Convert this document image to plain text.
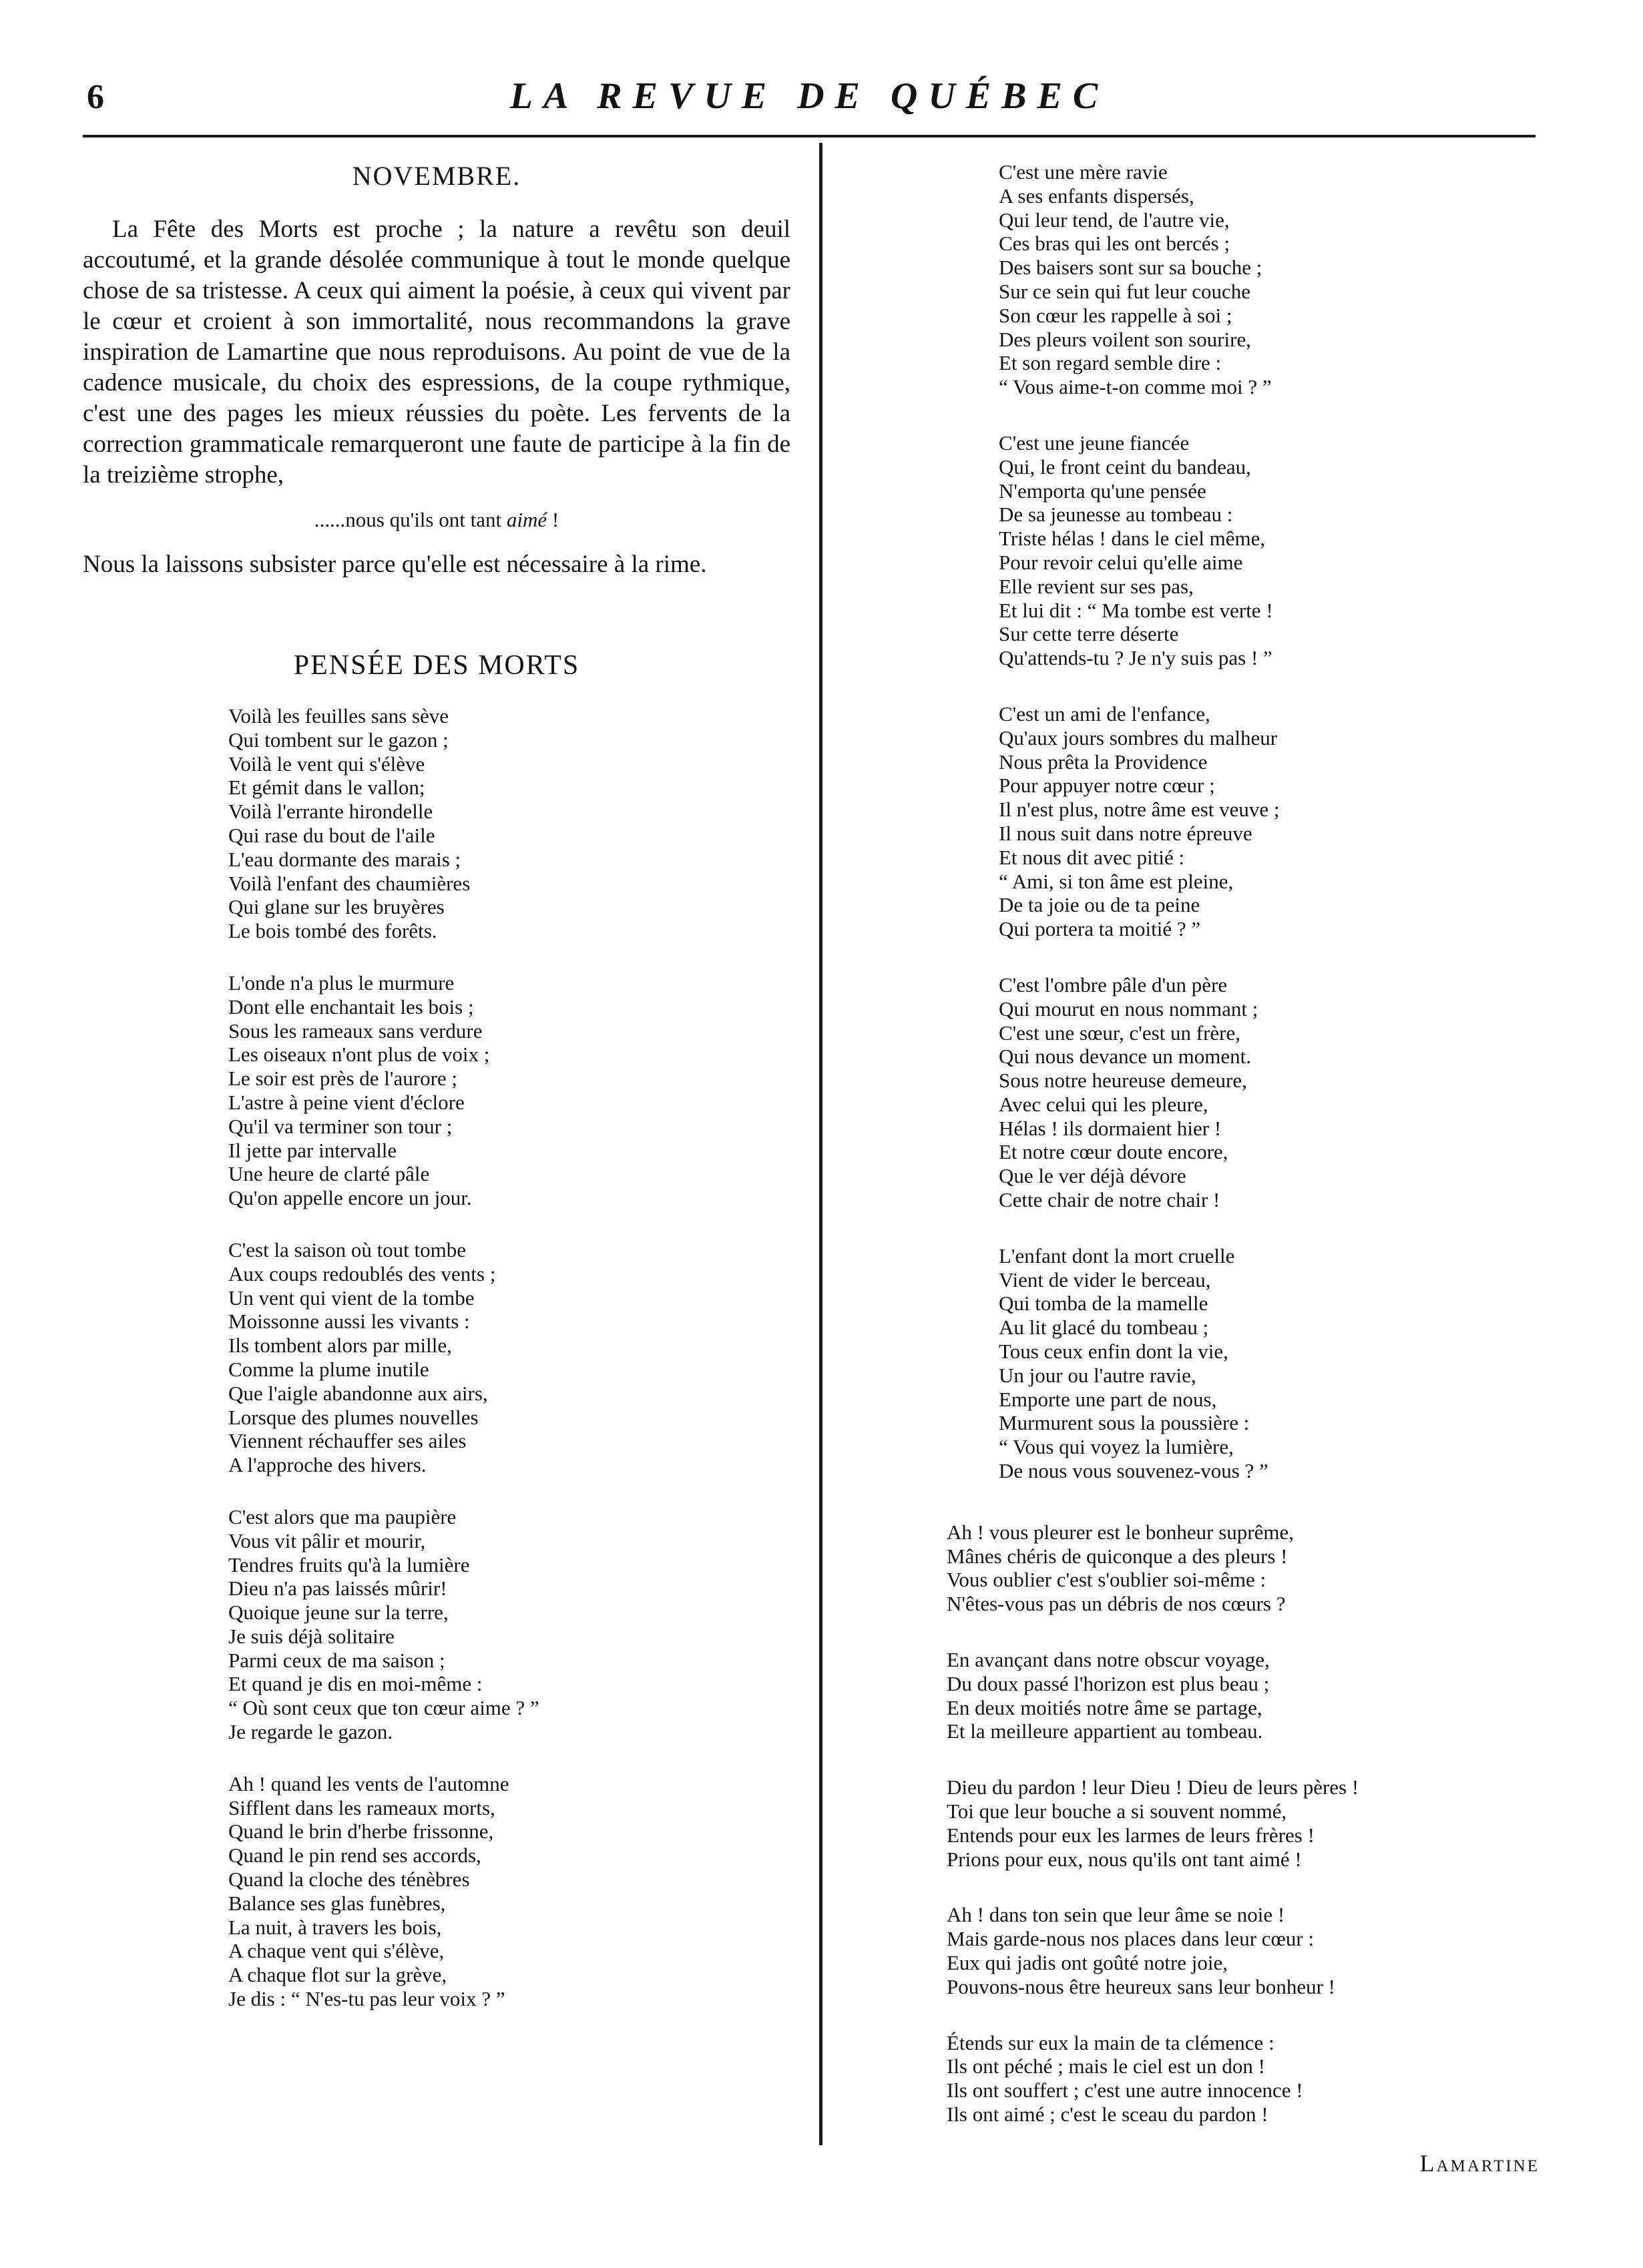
6	LA REVUE DE QUÉBEC
NOVEMBRE.
La Fête des Morts est proche ; la nature a revêtu son deuil accoutumé, et la grande désolée communique à tout le monde quelque chose de sa tristesse. A ceux qui aiment la poésie, à ceux qui vivent par le cœur et croient à son immortalité, nous recommandons la grave inspiration de Lamartine que nous reproduisons. Au point de vue de la cadence musicale, du choix des espressions, de la coupe rythmique, c'est une des pages les mieux réussies du poète. Les fervents de la correction grammaticale remarqueront une faute de participe à la fin de la treizième strophe,
......nous qu'ils ont tant aimé !
Nous la laissons subsister parce qu'elle est nécessaire à la rime.
PENSÉE DES MORTS
Voilà les feuilles sans sève
Qui tombent sur le gazon ;
Voilà le vent qui s'élève
Et gémit dans le vallon;
Voilà l'errante hirondelle
Qui rase du bout de l'aile
L'eau dormante des marais ;
Voilà l'enfant des chaumières
Qui glane sur les bruyères
Le bois tombé des forêts.
L'onde n'a plus le murmure
Dont elle enchantait les bois ;
Sous les rameaux sans verdure
Les oiseaux n'ont plus de voix ;
Le soir est près de l'aurore ;
L'astre à peine vient d'éclore
Qu'il va terminer son tour ;
Il jette par intervalle
Une heure de clarté pâle
Qu'on appelle encore un jour.
C'est la saison où tout tombe
Aux coups redoublés des vents ;
Un vent qui vient de la tombe
Moissonne aussi les vivants :
Ils tombent alors par mille,
Comme la plume inutile
Que l'aigle abandonne aux airs,
Lorsque des plumes nouvelles
Viennent réchauffer ses ailes
A l'approche des hivers.
C'est alors que ma paupière
Vous vit pâlir et mourir,
Tendres fruits qu'à la lumière
Dieu n'a pas laissés mûrir!
Quoique jeune sur la terre,
Je suis déjà solitaire
Parmi ceux de ma saison ;
Et quand je dis en moi-même :
“ Où sont ceux que ton cœur aime ? ”
Je regarde le gazon.
Ah ! quand les vents de l'automne
Sifflent dans les rameaux morts,
Quand le brin d'herbe frissonne,
Quand le pin rend ses accords,
Quand la cloche des ténèbres
Balance ses glas funèbres,
La nuit, à travers les bois,
A chaque vent qui s'élève,
A chaque flot sur la grève,
Je dis : “ N'es-tu pas leur voix ? ”
C'est une mère ravie
A ses enfants dispersés,
Qui leur tend, de l'autre vie,
Ces bras qui les ont bercés ;
Des baisers sont sur sa bouche ;
Sur ce sein qui fut leur couche
Son cœur les rappelle à soi ;
Des pleurs voilent son sourire,
Et son regard semble dire :
“ Vous aime-t-on comme moi ? ”
C'est une jeune fiancée
Qui, le front ceint du bandeau,
N'emporta qu'une pensée
De sa jeunesse au tombeau :
Triste hélas ! dans le ciel même,
Pour revoir celui qu'elle aime
Elle revient sur ses pas,
Et lui dit : “ Ma tombe est verte !
Sur cette terre déserte
Qu'attends-tu ? Je n'y suis pas ! ”
C'est un ami de l'enfance,
Qu'aux jours sombres du malheur
Nous prêta la Providence
Pour appuyer notre cœur ;
Il n'est plus, notre âme est veuve ;
Il nous suit dans notre épreuve
Et nous dit avec pitié :
“ Ami, si ton âme est pleine,
De ta joie ou de ta peine
Qui portera ta moitié ? ”
C'est l'ombre pâle d'un père
Qui mourut en nous nommant ;
C'est une sœur, c'est un frère,
Qui nous devance un moment.
Sous notre heureuse demeure,
Avec celui qui les pleure,
Hélas ! ils dormaient hier !
Et notre cœur doute encore,
Que le ver déjà dévore
Cette chair de notre chair !
L'enfant dont la mort cruelle
Vient de vider le berceau,
Qui tomba de la mamelle
Au lit glacé du tombeau ;
Tous ceux enfin dont la vie,
Un jour ou l'autre ravie,
Emporte une part de nous,
Murmurent sous la poussière :
“ Vous qui voyez la lumière,
De nous vous souvenez-vous ? ”
Ah ! vous pleurer est le bonheur suprême,
Mânes chéris de quiconque a des pleurs !
Vous oublier c'est s'oublier soi-même :
N'êtes-vous pas un débris de nos cœurs ?
En avançant dans notre obscur voyage,
Du doux passé l'horizon est plus beau ;
En deux moitiés notre âme se partage,
Et la meilleure appartient au tombeau.
Dieu du pardon ! leur Dieu ! Dieu de leurs pères !
Toi que leur bouche a si souvent nommé,
Entends pour eux les larmes de leurs frères !
Prions pour eux, nous qu'ils ont tant aimé !
Ah ! dans ton sein que leur âme se noie !
Mais garde-nous nos places dans leur cœur :
Eux qui jadis ont goûté notre joie,
Pouvons-nous être heureux sans leur bonheur !
Étends sur eux la main de ta clémence :
Ils ont péché ; mais le ciel est un don !
Ils ont souffert ; c'est une autre innocence !
Ils ont aimé ; c'est le sceau du pardon !
Lamartine
